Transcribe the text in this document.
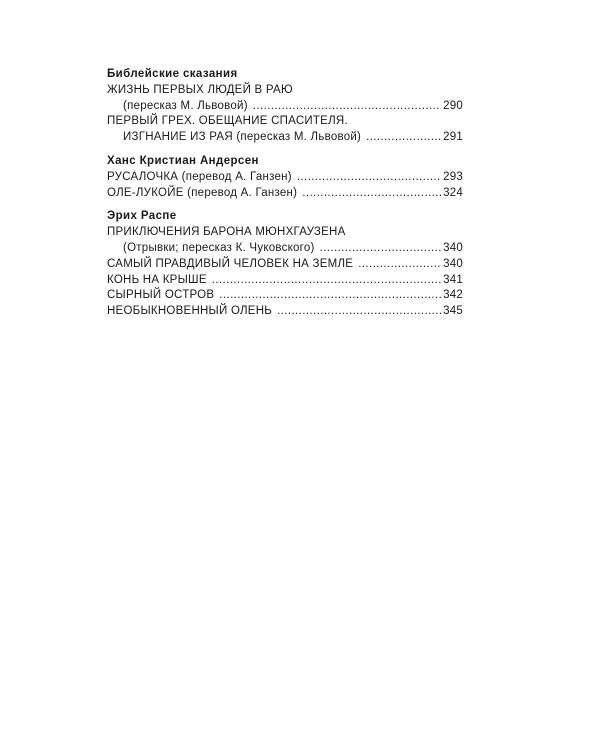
Библейские сказания
ЖИЗНЬ ПЕРВЫХ ЛЮДЕЙ В РАЮ
(пересказ М. Львовой) .....	290
ПЕРВЫЙ ГРЕХ. ОБЕЩАНИЕ СПАСИТЕЛЯ.
ИЗГНАНИЕ ИЗ РАЯ (пересказ М. Львовой) .....	291
Ханс Кристиан Андерсен
РУСАЛОЧКА (перевод А. Ганзен) .....	293
ОЛЕ-ЛУКОЙЕ (перевод А. Ганзен) .....	324
Эрих Распе
ПРИКЛЮЧЕНИЯ БАРОНА МЮНХГАУЗЕНА
(Отрывки; пересказ К. Чуковского) .....	340
САМЫЙ ПРАВДИВЫЙ ЧЕЛОВЕК НА ЗЕМЛЕ .....	340
КОНЬ НА КРЫШЕ .....	341
СЫРНЫЙ ОСТРОВ .....	342
НЕОБЫКНОВЕННЫЙ ОЛЕНЬ .....	345
